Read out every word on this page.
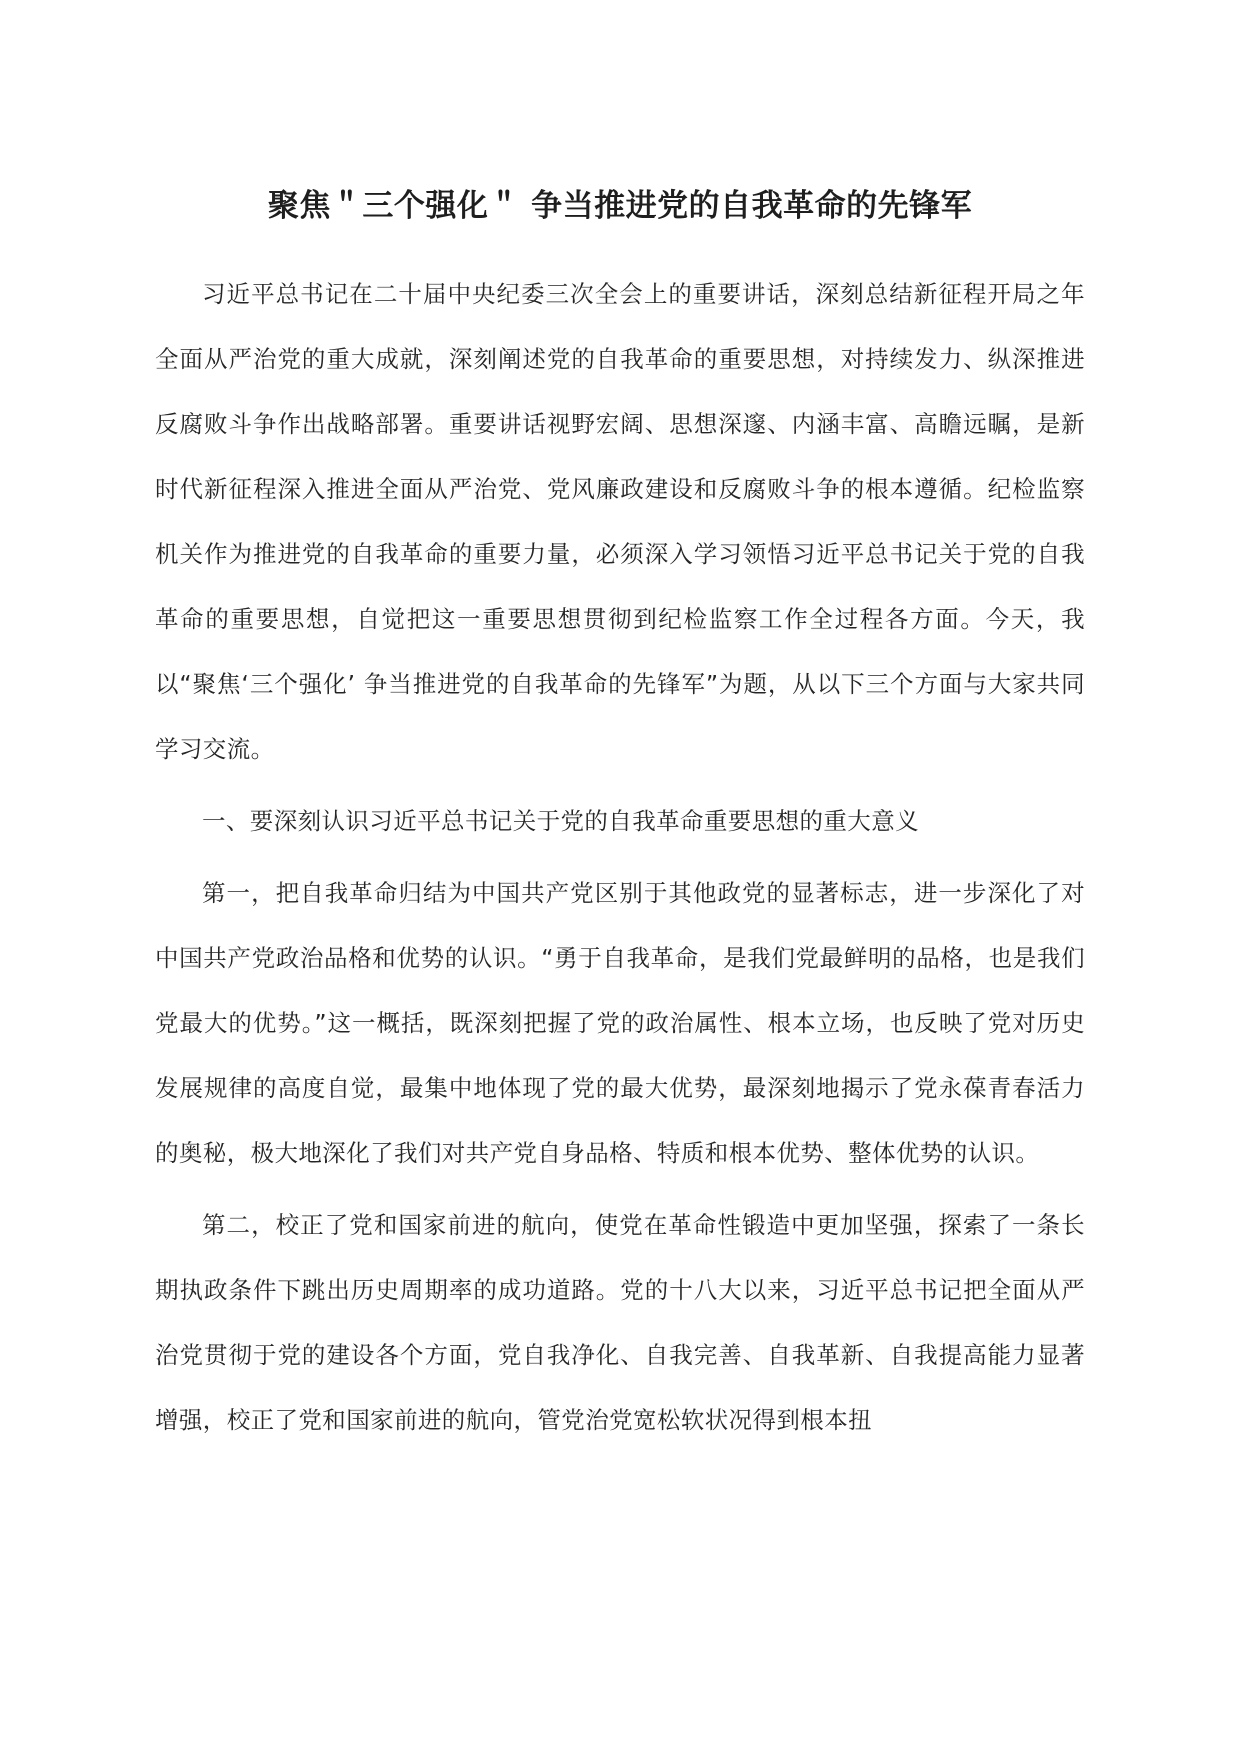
聚焦＂三个强化＂ 争当推进党的自我革命的先锋军

习近平总书记在二十届中央纪委三次全会上的重要讲话，深刻总结新征程开局之年全面从严治党的重大成就，深刻阐述党的自我革命的重要思想，对持续发力、纵深推进反腐败斗争作出战略部署。重要讲话视野宏阔、思想深邃、内涵丰富、高瞻远瞩，是新时代新征程深入推进全面从严治党、党风廉政建设和反腐败斗争的根本遵循。纪检监察机关作为推进党的自我革命的重要力量，必须深入学习领悟习近平总书记关于党的自我革命的重要思想，自觉把这一重要思想贯彻到纪检监察工作全过程各方面。今天，我以“聚焦‘三个强化’ 争当推进党的自我革命的先锋军”为题，从以下三个方面与大家共同学习交流。

一、要深刻认识习近平总书记关于党的自我革命重要思想的重大意义

第一，把自我革命归结为中国共产党区别于其他政党的显著标志，进一步深化了对中国共产党政治品格和优势的认识。“勇于自我革命，是我们党最鲜明的品格，也是我们党最大的优势。”这一概括，既深刻把握了党的政治属性、根本立场，也反映了党对历史发展规律的高度自觉，最集中地体现了党的最大优势，最深刻地揭示了党永葆青春活力的奥秘，极大地深化了我们对共产党自身品格、特质和根本优势、整体优势的认识。

第二，校正了党和国家前进的航向，使党在革命性锻造中更加坚强，探索了一条长期执政条件下跳出历史周期率的成功道路。党的十八大以来，习近平总书记把全面从严治党贯彻于党的建设各个方面，党自我净化、自我完善、自我革新、自我提高能力显著增强，校正了党和国家前进的航向，管党治党宽松软状况得到根本扭
